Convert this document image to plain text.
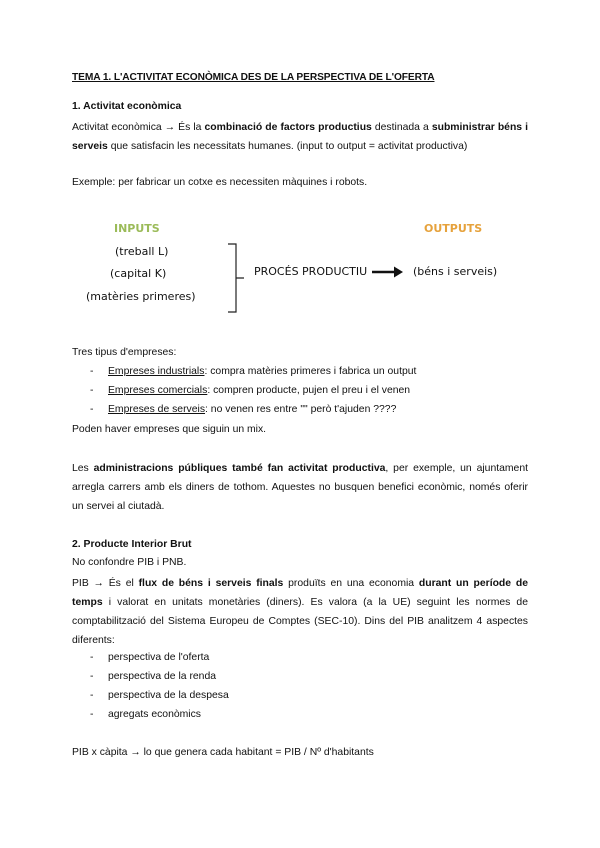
TEMA 1. L'ACTIVITAT ECONÒMICA DES DE LA PERSPECTIVA DE L'OFERTA
1. Activitat econòmica
Activitat econòmica → És la combinació de factors productius destinada a subministrar béns i serveis que satisfacin les necessitats humanes. (input to output = activitat productiva)
Exemple: per fabricar un cotxe es necessiten màquines i robots.
INPUTS
(treball L)
(capital K)
(matèries primeres)
PROCÉS PRODUCTIU
OUTPUTS
(béns i serveis)
Tres tipus d'empreses:
- Empreses industrials: compra matèries primeres i fabrica un output
- Empreses comercials: compren producte, pujen el preu i el venen
- Empreses de serveis: no venen res entre "" però t'ajuden ????
Poden haver empreses que siguin un mix.
Les administracions públiques també fan activitat productiva, per exemple, un ajuntament arregla carrers amb els diners de tothom. Aquestes no busquen benefici econòmic, només oferir un servei al ciutadà.
2. Producte Interior Brut
No confondre PIB i PNB.
PIB → És el flux de béns i serveis finals produïts en una economia durant un període de temps i valorat en unitats monetàries (diners). Es valora (a la UE) seguint les normes de comptabilització del Sistema Europeu de Comptes (SEC-10). Dins del PIB analitzem 4 aspectes diferents:
- perspectiva de l'oferta
- perspectiva de la renda
- perspectiva de la despesa
- agregats econòmics
PIB x càpita → lo que genera cada habitant = PIB / Nº d'habitants
